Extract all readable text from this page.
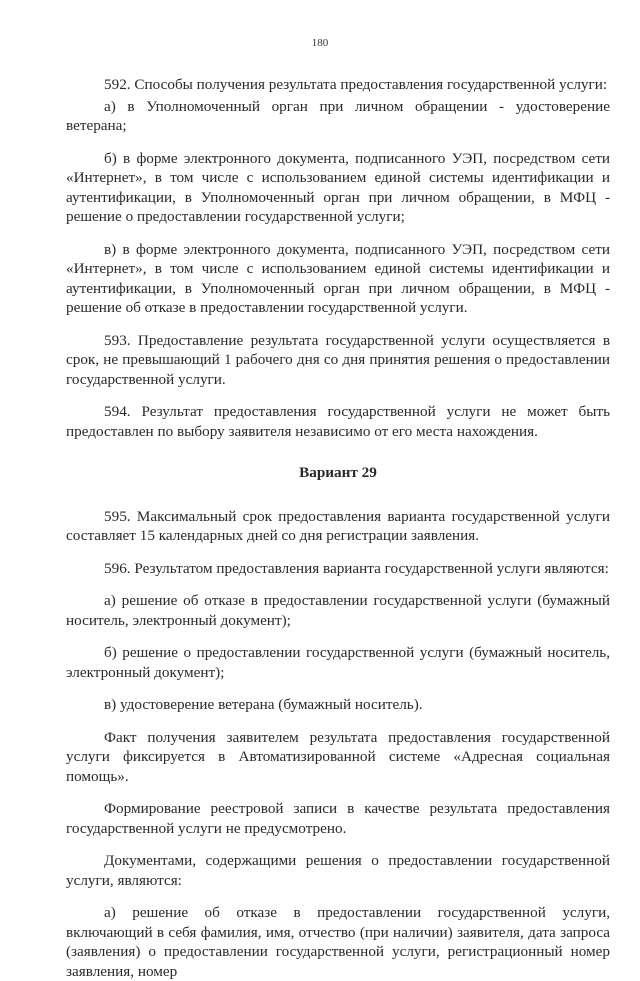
180

592. Способы получения результата предоставления государственной услуги:

а) в Уполномоченный орган при личном обращении - удостоверение ветерана;

б) в форме электронного документа, подписанного УЭП, посредством сети «Интернет», в том числе с использованием единой системы идентификации и аутентификации, в Уполномоченный орган при личном обращении, в МФЦ - решение о предоставлении государственной услуги;

в) в форме электронного документа, подписанного УЭП, посредством сети «Интернет», в том числе с использованием единой системы идентификации и аутентификации, в Уполномоченный орган при личном обращении, в МФЦ - решение об отказе в предоставлении государственной услуги.

593. Предоставление результата государственной услуги осуществляется в срок, не превышающий 1 рабочего дня со дня принятия решения о предоставлении государственной услуги.

594. Результат предоставления государственной услуги не может быть предоставлен по выбору заявителя независимо от его места нахождения.

Вариант 29

595. Максимальный срок предоставления варианта государственной услуги составляет 15 календарных дней со дня регистрации заявления.

596. Результатом предоставления варианта государственной услуги являются:

а) решение об отказе в предоставлении государственной услуги (бумажный носитель, электронный документ);

б) решение о предоставлении государственной услуги (бумажный носитель, электронный документ);

в) удостоверение ветерана (бумажный носитель).

Факт получения заявителем результата предоставления государственной услуги фиксируется в Автоматизированной системе «Адресная социальная помощь».

Формирование реестровой записи в качестве результата предоставления государственной услуги не предусмотрено.

Документами, содержащими решения о предоставлении государственной услуги, являются:

а) решение об отказе в предоставлении государственной услуги, включающий в себя фамилия, имя, отчество (при наличии) заявителя, дата запроса (заявления) о предоставлении государственной услуги, регистрационный номер заявления, номер
